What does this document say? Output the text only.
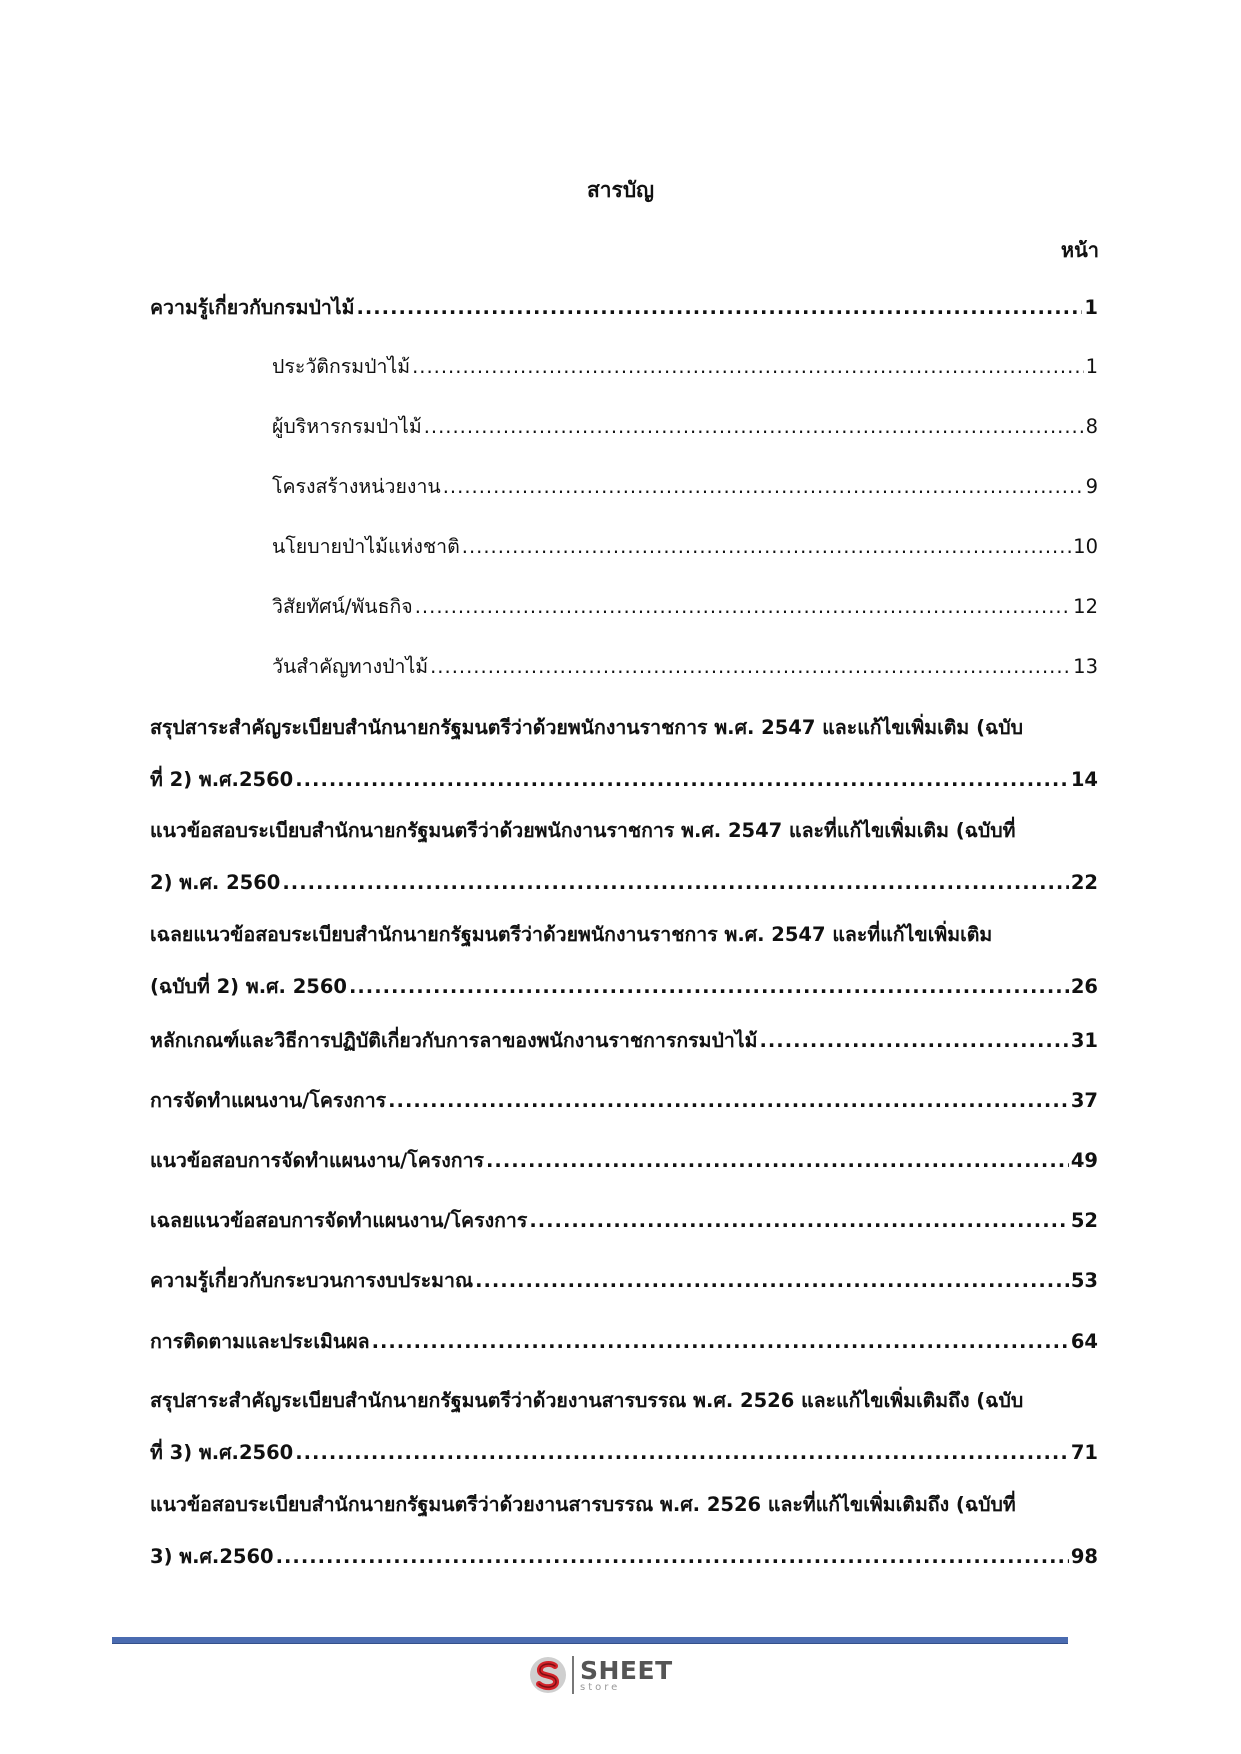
สารบัญ
หน้า
ความรู้เกี่ยวกับกรมป่าไม้ .....	1
ประวัติกรมป่าไม้ .....	1
ผู้บริหารกรมป่าไม้ .....	8
โครงสร้างหน่วยงาน .....	9
นโยบายป่าไม้แห่งชาติ .....	10
วิสัยทัศน์/พันธกิจ .....	12
วันสำคัญทางป่าไม้ .....	13
สรุปสาระสำคัญระเบียบสำนักนายกรัฐมนตรีว่าด้วยพนักงานราชการ พ.ศ. 2547 และแก้ไขเพิ่มเติม (ฉบับ
ที่ 2) พ.ศ.2560 .....	14
แนวข้อสอบระเบียบสำนักนายกรัฐมนตรีว่าด้วยพนักงานราชการ พ.ศ. 2547 และที่แก้ไขเพิ่มเติม (ฉบับที่
2) พ.ศ. 2560 .....	22
เฉลยแนวข้อสอบระเบียบสำนักนายกรัฐมนตรีว่าด้วยพนักงานราชการ พ.ศ. 2547 และที่แก้ไขเพิ่มเติม
(ฉบับที่ 2) พ.ศ. 2560 .....	26
หลักเกณฑ์และวิธีการปฏิบัติเกี่ยวกับการลาของพนักงานราชการกรมป่าไม้ .....	31
การจัดทำแผนงาน/โครงการ .....	37
แนวข้อสอบการจัดทำแผนงาน/โครงการ .....	49
เฉลยแนวข้อสอบการจัดทำแผนงาน/โครงการ .....	52
ความรู้เกี่ยวกับกระบวนการงบประมาณ .....	53
การติดตามและประเมินผล .....	64
สรุปสาระสำคัญระเบียบสำนักนายกรัฐมนตรีว่าด้วยงานสารบรรณ พ.ศ. 2526 และแก้ไขเพิ่มเติมถึง (ฉบับ
ที่ 3) พ.ศ.2560 .....	71
แนวข้อสอบระเบียบสำนักนายกรัฐมนตรีว่าด้วยงานสารบรรณ พ.ศ. 2526 และที่แก้ไขเพิ่มเติมถึง (ฉบับที่
3) พ.ศ.2560 .....	98
SHEET
store
